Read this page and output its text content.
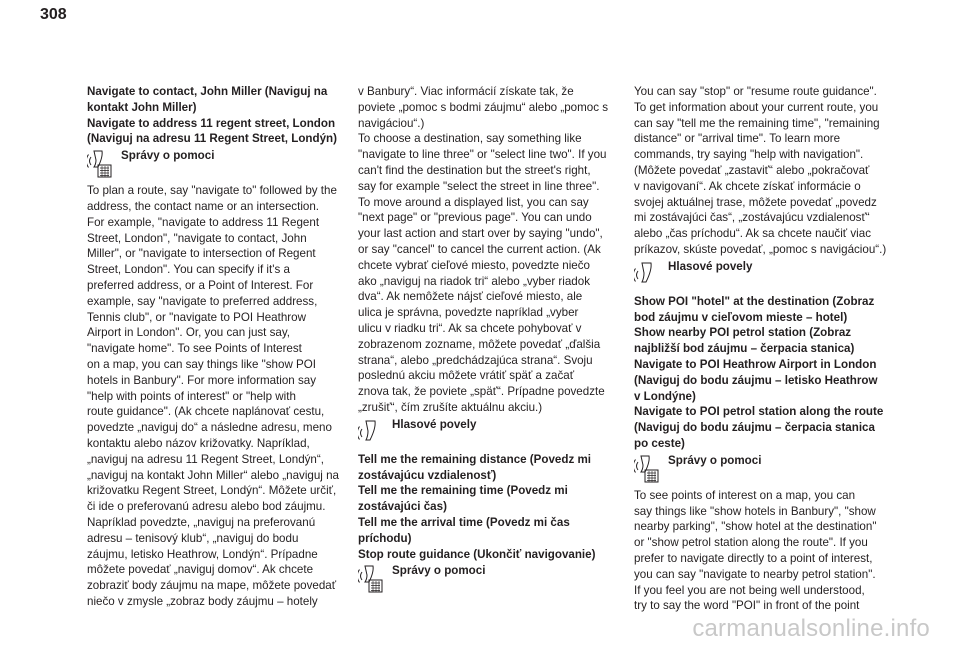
308

Navigate to contact, John Miller (Naviguj na

kontakt John Miller)

Navigate to address 11 regent street, London

(Naviguj na adresu 11 Regent Street, Londýn)

Správy o pomoci

To plan a route, say "navigate to" followed by the

address, the contact name or an intersection.

For example, "navigate to address 11 Regent

Street, London", "navigate to contact, John

Miller", or "navigate to intersection of Regent

Street, London". You can specify if it's a

preferred address, or a Point of Interest. For

example, say "navigate to preferred address,

Tennis club", or "navigate to POI Heathrow

Airport in London". Or, you can just say,

"navigate home". To see Points of Interest

on a map, you can say things like "show POI

hotels in Banbury". For more information say

"help with points of interest" or "help with

route guidance". (Ak chcete naplánovať cestu,

povedzte „naviguj do“ a následne adresu, meno

kontaktu alebo názov križovatky. Napríklad,

„naviguj na adresu 11 Regent Street, Londýn“,

„naviguj na kontakt John Miller“ alebo „naviguj na

križovatku Regent Street, Londýn“. Môžete určiť,

či ide o preferovanú adresu alebo bod záujmu.

Napríklad povedzte, „naviguj na preferovanú

adresu – tenisový klub“, „naviguj do bodu

záujmu, letisko Heathrow, Londýn“. Prípadne

môžete povedať „naviguj domov“. Ak chcete

zobraziť body záujmu na mape, môžete povedať

niečo v zmysle „zobraz body záujmu – hotely

v Banbury“. Viac informácií získate tak, že

poviete „pomoc s bodmi záujmu“ alebo „pomoc s

navigáciou“.)

To choose a destination, say something like

"navigate to line three" or "select line two". If you

can't find the destination but the street's right,

say for example "select the street in line three".

To move around a displayed list, you can say

"next page" or "previous page". You can undo

your last action and start over by saying "undo",

or say "cancel" to cancel the current action. (Ak

chcete vybrať cieľové miesto, povedzte niečo

ako „naviguj na riadok tri“ alebo „vyber riadok

dva“. Ak nemôžete nájsť cieľové miesto, ale

ulica je správna, povedzte napríklad „vyber

ulicu v riadku tri“. Ak sa chcete pohybovať v

zobrazenom zozname, môžete povedať „ďalšia

strana“, alebo „predchádzajúca strana“. Svoju

poslednú akciu môžete vrátiť späť a začať

znova tak, že poviete „späť“. Prípadne povedzte

„zrušiť“, čím zrušíte aktuálnu akciu.)

Hlasové povely

Tell me the remaining distance (Povedz mi

zostávajúcu vzdialenosť)

Tell me the remaining time (Povedz mi

zostávajúci čas)

Tell me the arrival time (Povedz mi čas

príchodu)

Stop route guidance (Ukončiť navigovanie)

Správy o pomoci

You can say "stop" or "resume route guidance".

To get information about your current route, you

can say "tell me the remaining time", "remaining

distance" or "arrival time". To learn more

commands, try saying "help with navigation".

(Môžete povedať „zastaviť“ alebo „pokračovať

v navigovaní“. Ak chcete získať informácie o

svojej aktuálnej trase, môžete povedať „povedz

mi zostávajúci čas“, „zostávajúcu vzdialenosť“

alebo „čas príchodu“. Ak sa chcete naučiť viac

príkazov, skúste povedať, „pomoc s navigáciou“.)

Hlasové povely

Show POI "hotel" at the destination (Zobraz

bod záujmu v cieľovom mieste – hotel)

Show nearby POI petrol station (Zobraz

najbližší bod záujmu – čerpacia stanica)

Navigate to POI Heathrow Airport in London

(Naviguj do bodu záujmu – letisko Heathrow

v Londýne)

Navigate to POI petrol station along the route

(Naviguj do bodu záujmu – čerpacia stanica

po ceste)

Správy o pomoci

To see points of interest on a map, you can

say things like "show hotels in Banbury", "show

nearby parking", "show hotel at the destination"

or "show petrol station along the route". If you

prefer to navigate directly to a point of interest,

you can say "navigate to nearby petrol station".

If you feel you are not being well understood,

try to say the word "POI" in front of the point

carmanualsonline.info
